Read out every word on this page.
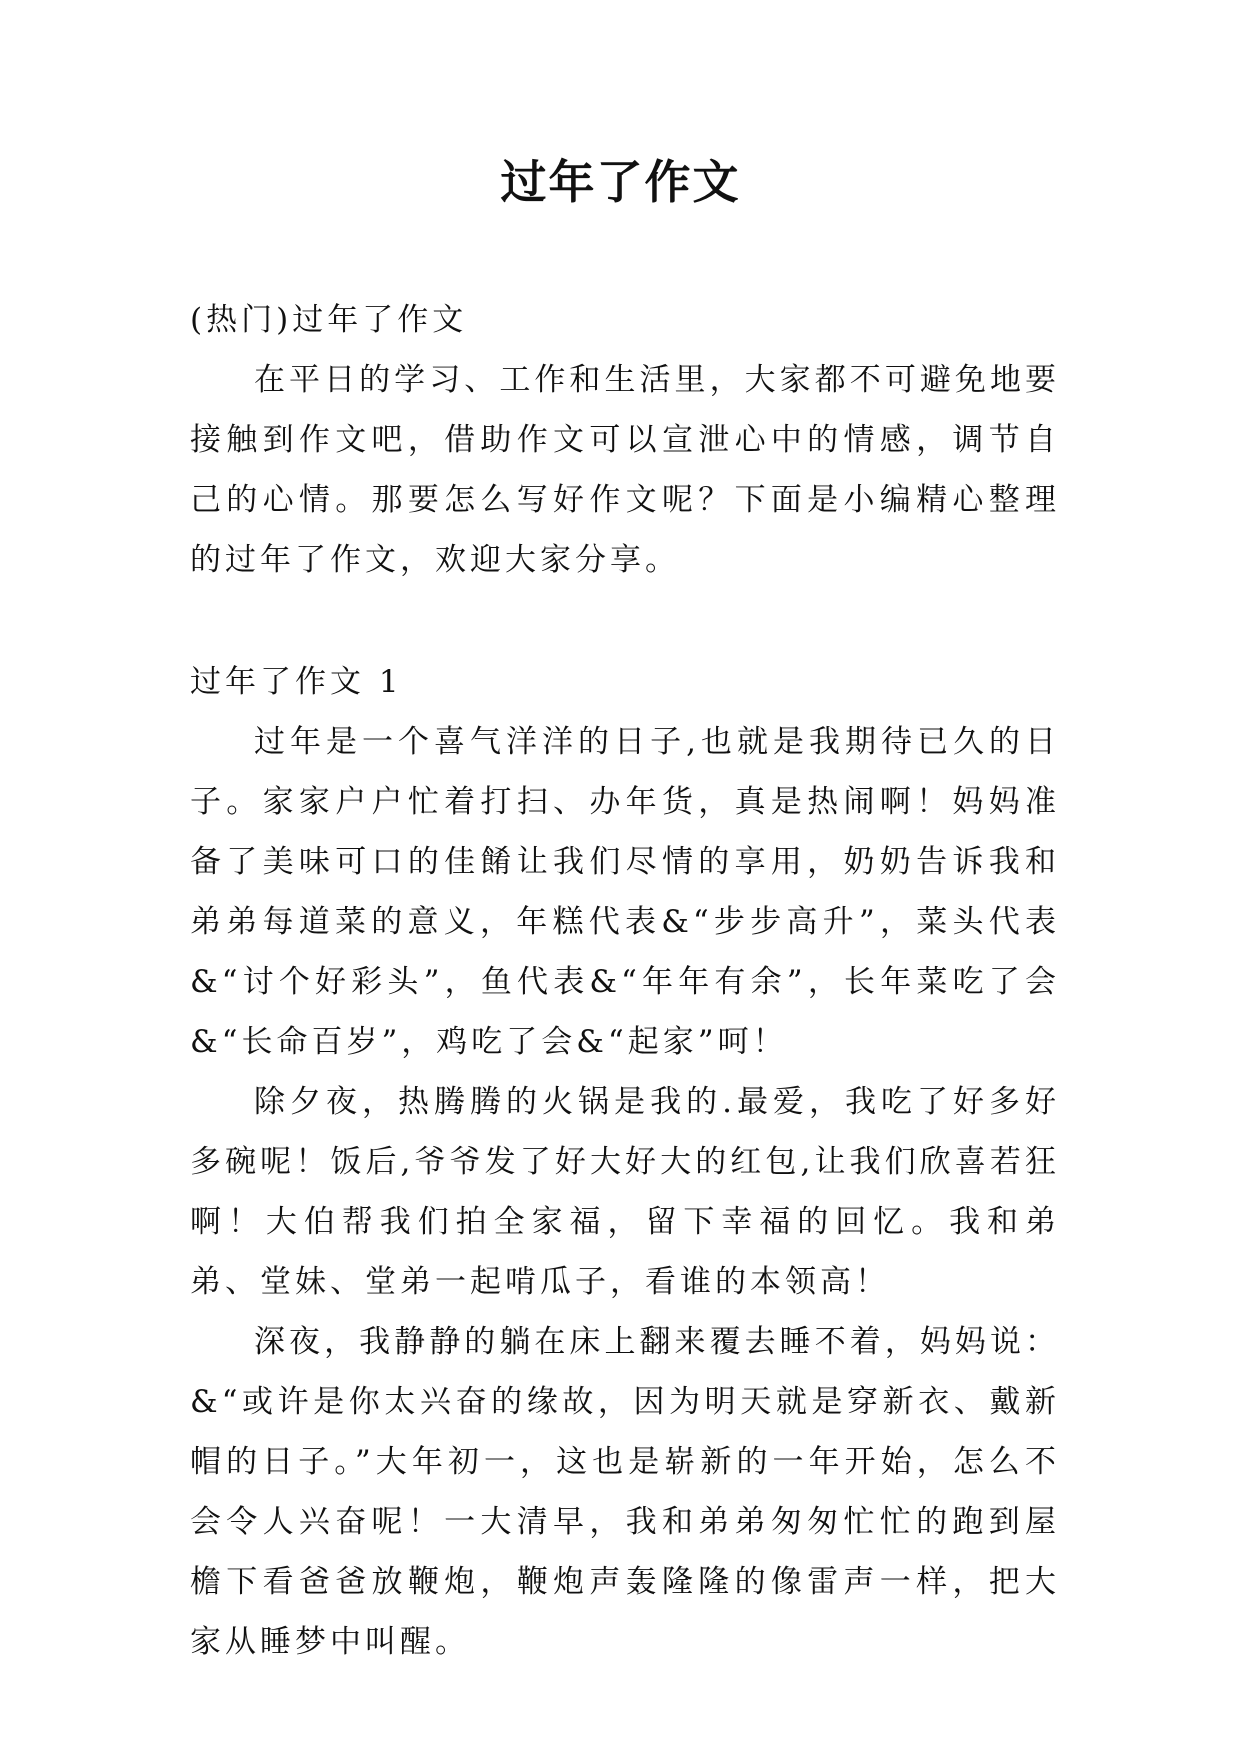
过年了作文

(热门)过年了作文

在平日的学习、工作和生活里，大家都不可避免地要接触到作文吧，借助作文可以宣泄心中的情感，调节自己的心情。那要怎么写好作文呢？下面是小编精心整理的过年了作文，欢迎大家分享。

过年了作文 1

过年是一个喜气洋洋的日子,也就是我期待已久的日子。家家户户忙着打扫、办年货，真是热闹啊！妈妈准备了美味可口的佳餚让我们尽情的享用，奶奶告诉我和弟弟每道菜的意义，年糕代表&“步步高升”，菜头代表&“讨个好彩头”，鱼代表&“年年有余”，长年菜吃了会&“长命百岁”，鸡吃了会&“起家”呵！

除夕夜，热腾腾的火锅是我的.最爱，我吃了好多好多碗呢！饭后,爷爷发了好大好大的红包,让我们欣喜若狂啊！大伯帮我们拍全家福，留下幸福的回忆。我和弟弟、堂妹、堂弟一起啃瓜子，看谁的本领高！

深夜，我静静的躺在床上翻来覆去睡不着，妈妈说：&“或许是你太兴奋的缘故，因为明天就是穿新衣、戴新帽的日子。”大年初一，这也是崭新的一年开始，怎么不会令人兴奋呢！一大清早，我和弟弟匆匆忙忙的跑到屋檐下看爸爸放鞭炮，鞭炮声轰隆隆的像雷声一样，把大家从睡梦中叫醒。
